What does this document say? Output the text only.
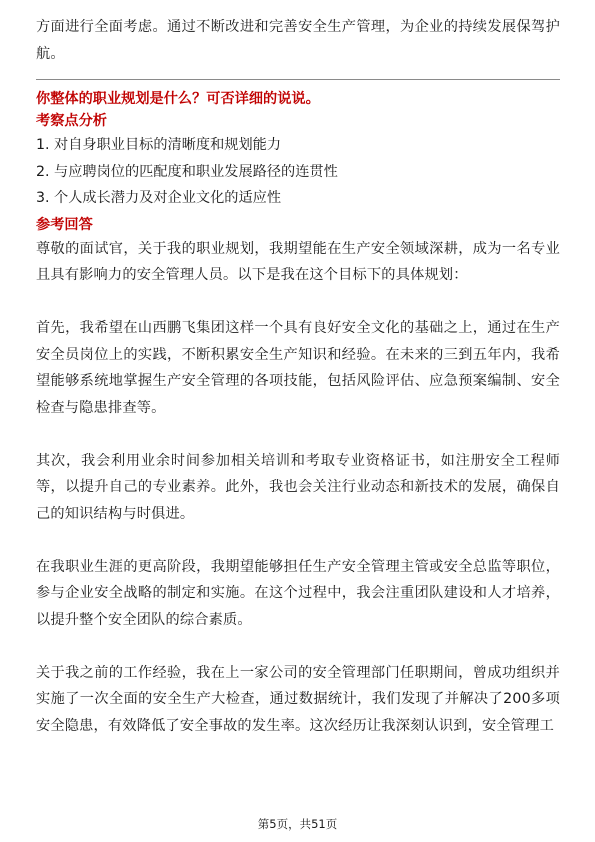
方面进行全面考虑。通过不断改进和完善安全生产管理，为企业的持续发展保驾护航。

你整体的职业规划是什么？可否详细的说说。
考察点分析
1. 对自身职业目标的清晰度和规划能力
2. 与应聘岗位的匹配度和职业发展路径的连贯性
3. 个人成长潜力及对企业文化的适应性
参考回答

尊敬的面试官，关于我的职业规划，我期望能在生产安全领域深耕，成为一名专业且具有影响力的安全管理人员。以下是我在这个目标下的具体规划：

首先，我希望在山西鹏飞集团这样一个具有良好安全文化的基础之上，通过在生产安全员岗位上的实践，不断积累安全生产知识和经验。在未来的三到五年内，我希望能够系统地掌握生产安全管理的各项技能，包括风险评估、应急预案编制、安全检查与隐患排查等。

其次，我会利用业余时间参加相关培训和考取专业资格证书，如注册安全工程师等，以提升自己的专业素养。此外，我也会关注行业动态和新技术的发展，确保自己的知识结构与时俱进。

在我职业生涯的更高阶段，我期望能够担任生产安全管理主管或安全总监等职位，参与企业安全战略的制定和实施。在这个过程中，我会注重团队建设和人才培养，以提升整个安全团队的综合素质。

关于我之前的工作经验，我在上一家公司的安全管理部门任职期间，曾成功组织并实施了一次全面的安全生产大检查，通过数据统计，我们发现了并解决了200多项安全隐患，有效降低了安全事故的发生率。这次经历让我深刻认识到，安全管理工

第5页，共51页
